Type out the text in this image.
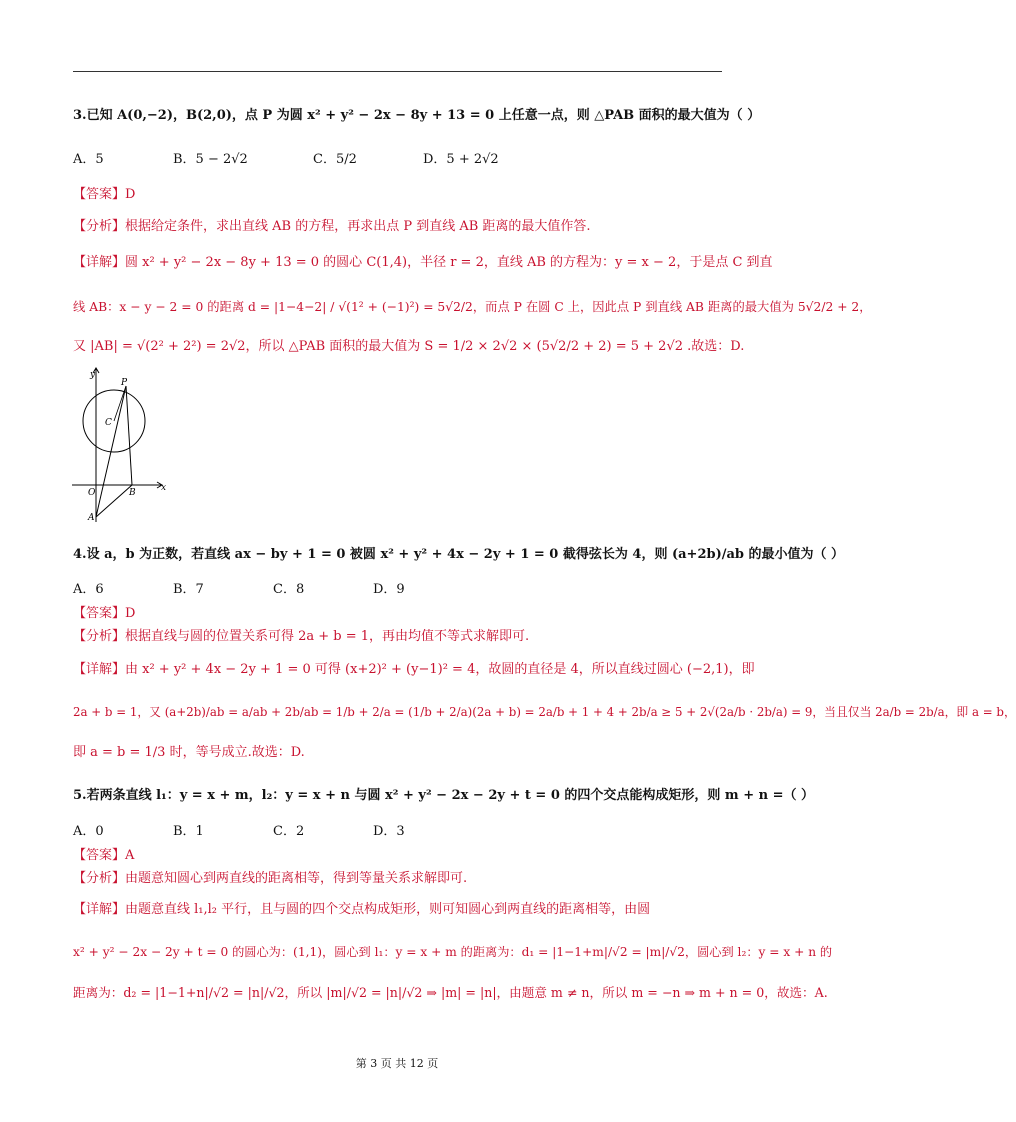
3.已知 A(0,−2)，B(2,0)，点 P 为圆 x² + y² − 2x − 8y + 13 = 0 上任意一点，则 △PAB 面积的最大值为（ ）
A．5	B．5 − 2√2	C．5/2	D．5 + 2√2
【答案】D
【分析】根据给定条件，求出直线 AB 的方程，再求出点 P 到直线 AB 距离的最大值作答.
【详解】圆 x² + y² − 2x − 8y + 13 = 0 的圆心 C(1,4)，半径 r = 2，直线 AB 的方程为：y = x − 2，于是点 C 到直
线 AB：x − y − 2 = 0 的距离 d = |1−4−2| / √(1² + (−1)²) = 5√2/2，而点 P 在圆 C 上，因此点 P 到直线 AB 距离的最大值为 5√2/2 + 2，
又 |AB| = √(2² + 2²) = 2√2，所以 △PAB 面积的最大值为 S = 1/2 × 2√2 × (5√2/2 + 2) = 5 + 2√2 .故选：D.
y
x
P
C
O	B
A
4.设 a，b 为正数，若直线 ax − by + 1 = 0 被圆 x² + y² + 4x − 2y + 1 = 0 截得弦长为 4，则 (a+2b)/ab 的最小值为（ ）
A．6	B．7	C．8	D．9
【答案】D
【分析】根据直线与圆的位置关系可得 2a + b = 1，再由均值不等式求解即可.
【详解】由 x² + y² + 4x − 2y + 1 = 0 可得 (x+2)² + (y−1)² = 4，故圆的直径是 4，所以直线过圆心 (−2,1)，即
2a + b = 1，又 (a+2b)/ab = a/ab + 2b/ab = 1/b + 2/a = (1/b + 2/a)(2a + b) = 2a/b + 1 + 4 + 2b/a ≥ 5 + 2√(2a/b · 2b/a) = 9，当且仅当 2a/b = 2b/a，即 a = b，
即 a = b = 1/3 时，等号成立.故选：D.
5.若两条直线 l₁：y = x + m，l₂：y = x + n 与圆 x² + y² − 2x − 2y + t = 0 的四个交点能构成矩形，则 m + n =（ ）
A．0	B．1	C．2	D．3
【答案】A
【分析】由题意知圆心到两直线的距离相等，得到等量关系求解即可.
【详解】由题意直线 l₁,l₂ 平行，且与圆的四个交点构成矩形，则可知圆心到两直线的距离相等，由圆
x² + y² − 2x − 2y + t = 0 的圆心为：(1,1)，圆心到 l₁：y = x + m 的距离为：d₁ = |1−1+m|/√2 = |m|/√2，圆心到 l₂：y = x + n 的
距离为：d₂ = |1−1+n|/√2 = |n|/√2，所以 |m|/√2 = |n|/√2 ⇒ |m| = |n|，由题意 m ≠ n，所以 m = −n ⇒ m + n = 0，故选：A.
第 3 页 共 12 页
